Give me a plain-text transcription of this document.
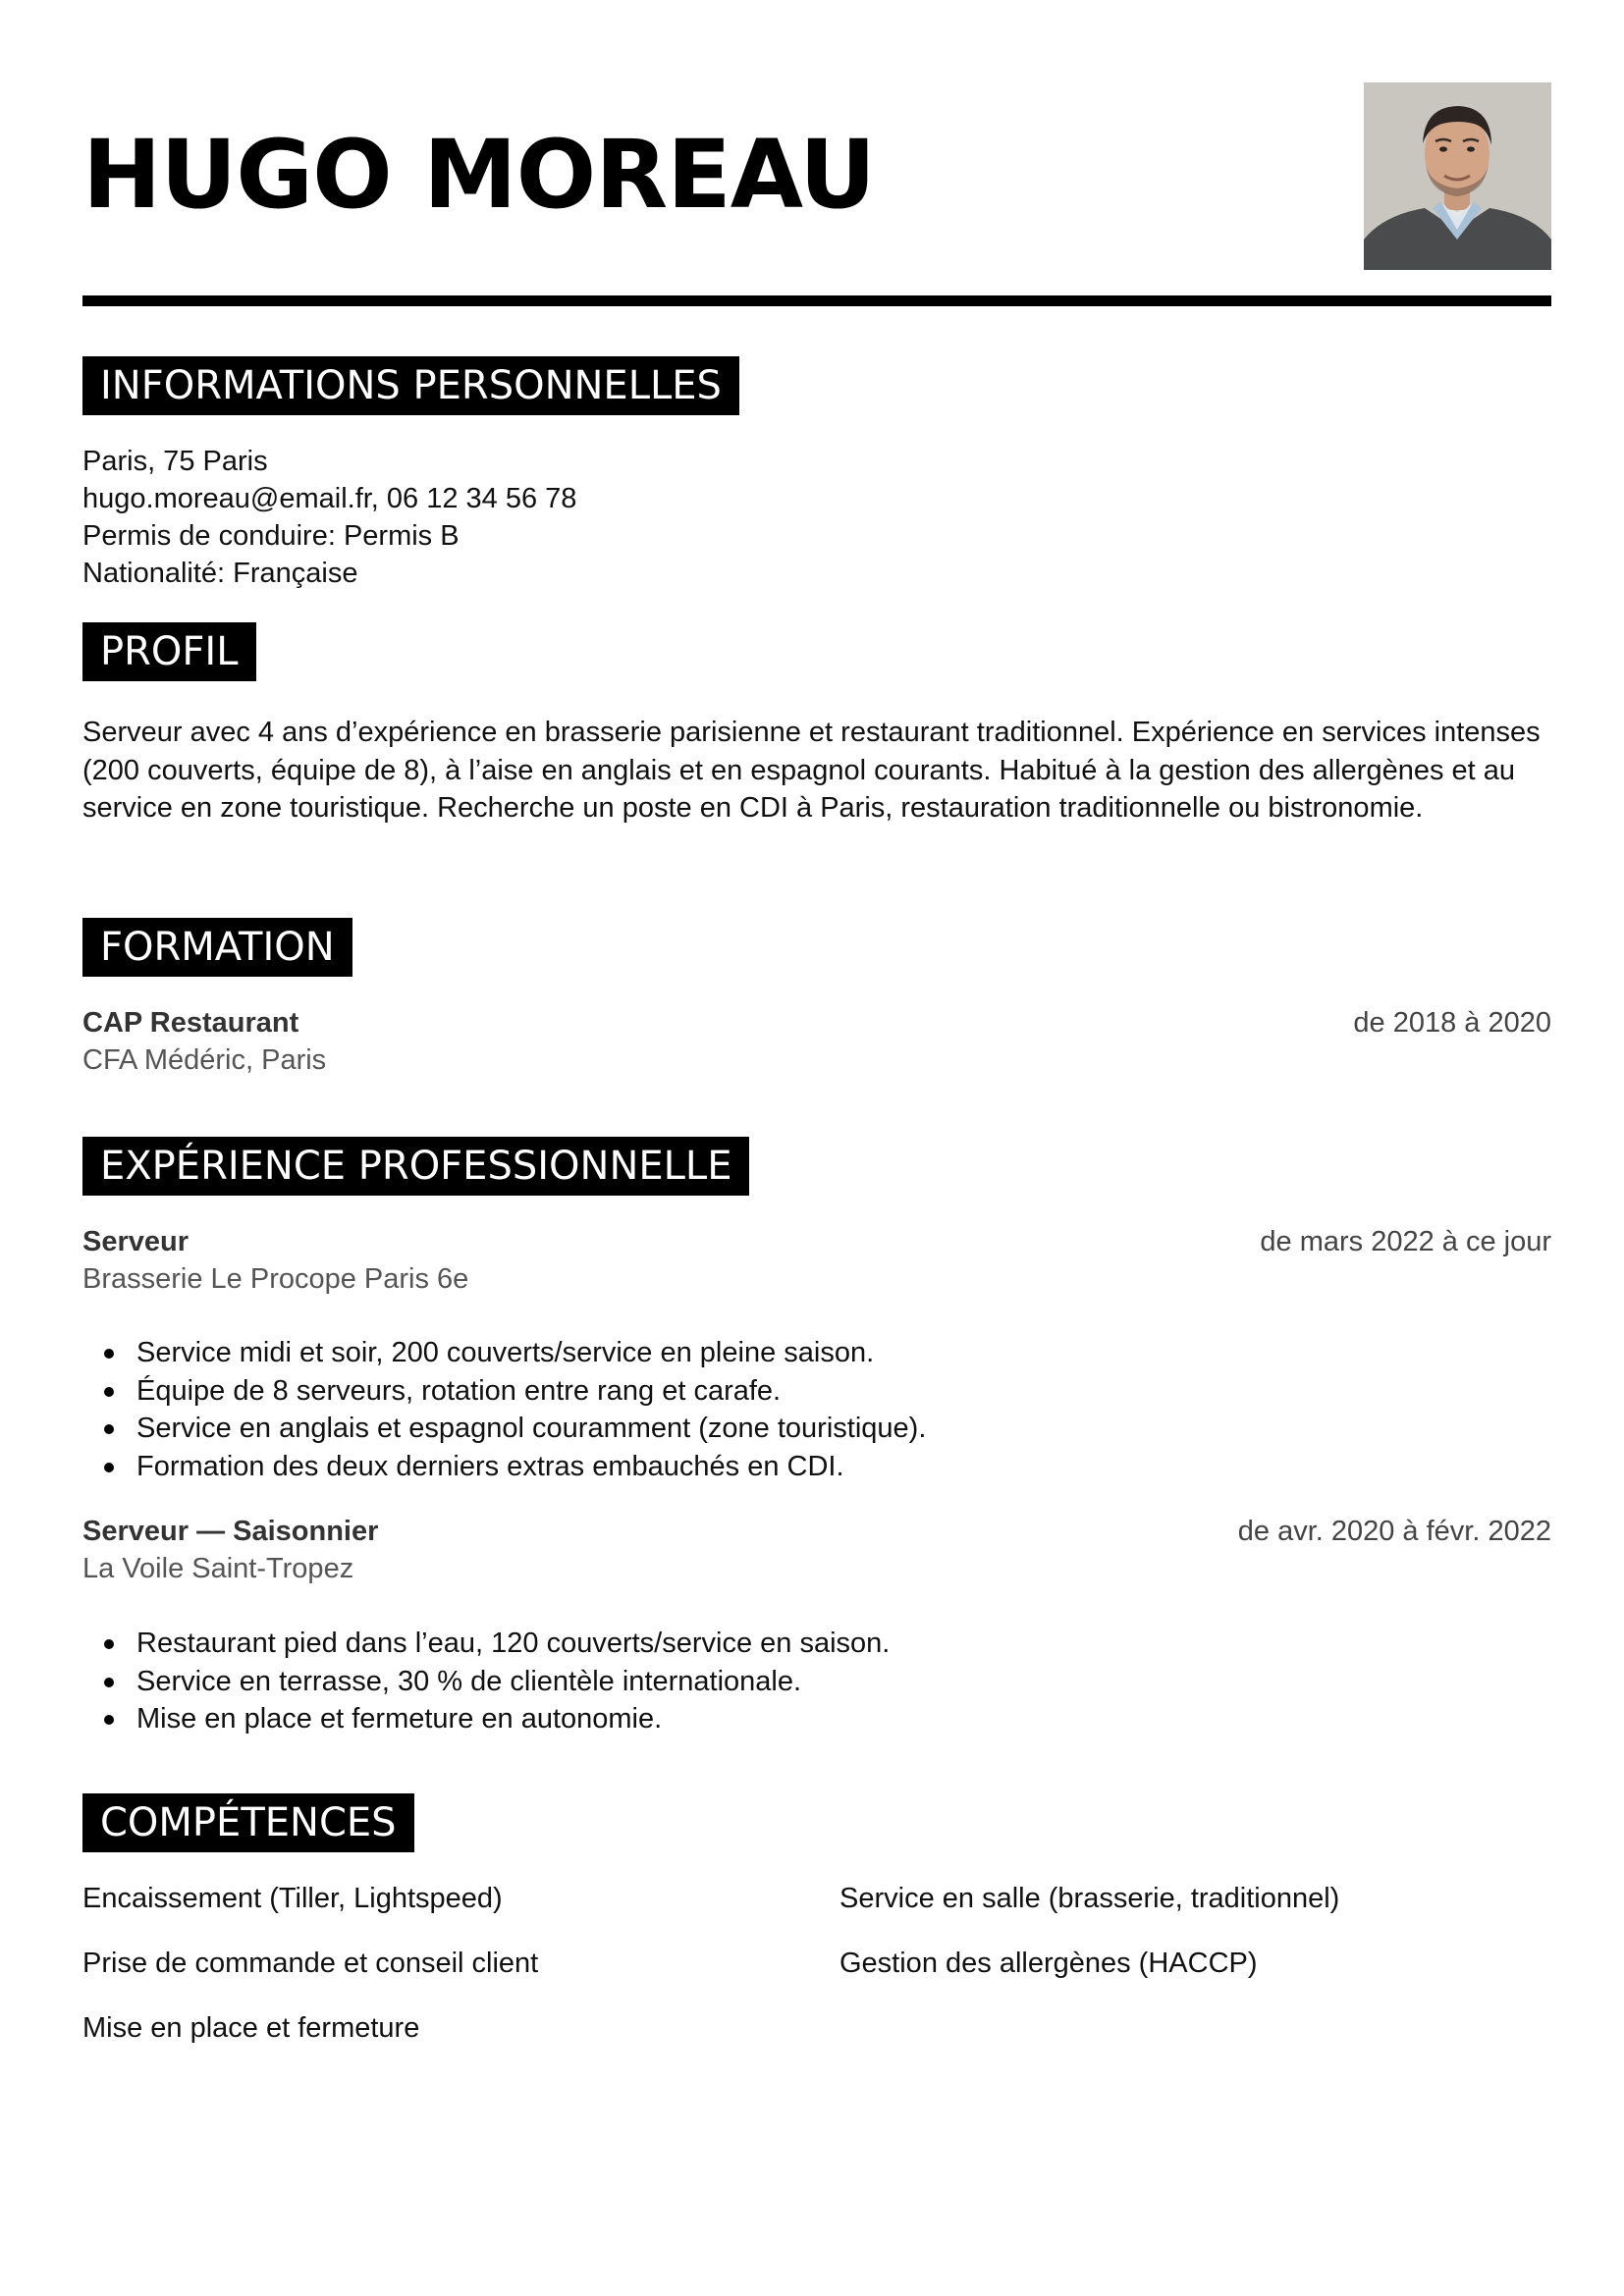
HUGO MOREAU
INFORMATIONS PERSONNELLES

Paris, 75 Paris

hugo.moreau@email.fr, 06 12 34 56 78

Permis de conduire: Permis B

Nationalité: Française

PROFIL

Serveur avec 4 ans d’expérience en brasserie parisienne et restaurant traditionnel. Expérience en services intenses (200 couverts, équipe de 8), à l’aise en anglais et en espagnol courants. Habitué à la gestion des allergènes et au service en zone touristique. Recherche un poste en CDI à Paris, restauration traditionnelle ou bistronomie.

FORMATION

CAP Restaurant	de 2018 à 2020

CFA Médéric, Paris

EXPÉRIENCE PROFESSIONNELLE

Serveur	de mars 2022 à ce jour

Brasserie Le Procope Paris 6e

Service midi et soir, 200 couverts/service en pleine saison.
Équipe de 8 serveurs, rotation entre rang et carafe.
Service en anglais et espagnol couramment (zone touristique).
Formation des deux derniers extras embauchés en CDI.

Serveur — Saisonnier	de avr. 2020 à févr. 2022

La Voile Saint-Tropez

Restaurant pied dans l’eau, 120 couverts/service en saison.
Service en terrasse, 30 % de clientèle internationale.
Mise en place et fermeture en autonomie.
COMPÉTENCES

Encaissement (Tiller, Lightspeed)	Service en salle (brasserie, traditionnel)

Prise de commande et conseil client	Gestion des allergènes (HACCP)

Mise en place et fermeture
